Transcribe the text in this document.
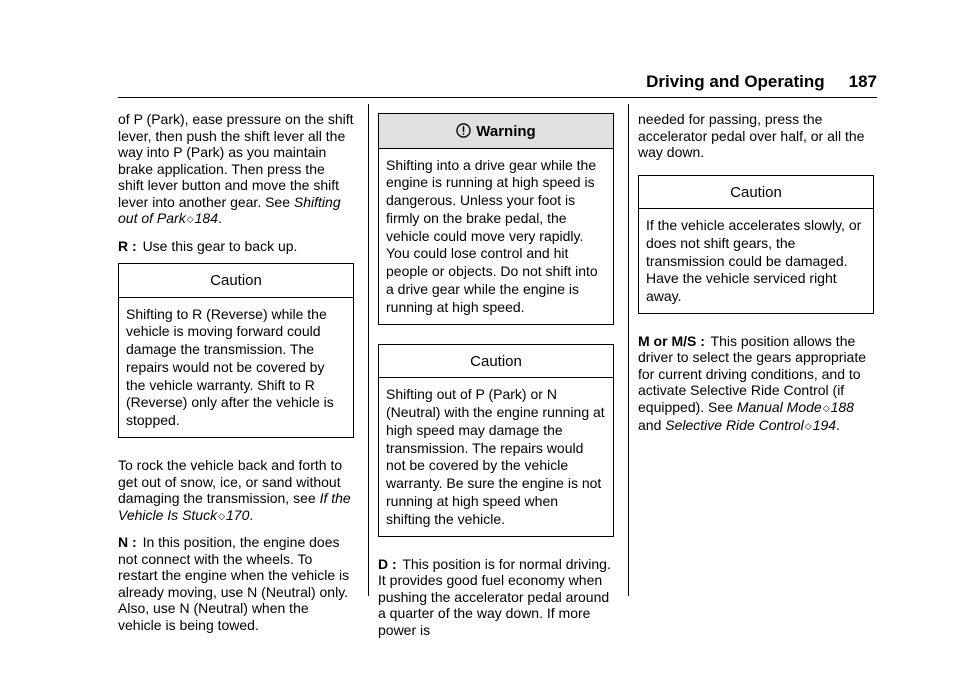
Driving and Operating 187

of P (Park), ease pressure on the shift lever, then push the shift lever all the way into P (Park) as you maintain brake application. Then press the shift lever button and move the shift lever into another gear. See Shifting out of Park◇184.

R : Use this gear to back up.

Caution
Shifting to R (Reverse) while the vehicle is moving forward could damage the transmission. The repairs would not be covered by the vehicle warranty. Shift to R (Reverse) only after the vehicle is stopped.

To rock the vehicle back and forth to get out of snow, ice, or sand without damaging the transmission, see If the Vehicle Is Stuck◇170.

N : In this position, the engine does not connect with the wheels. To restart the engine when the vehicle is already moving, use N (Neutral) only. Also, use N (Neutral) when the vehicle is being towed.

Warning
Shifting into a drive gear while the engine is running at high speed is dangerous. Unless your foot is firmly on the brake pedal, the vehicle could move very rapidly. You could lose control and hit people or objects. Do not shift into a drive gear while the engine is running at high speed.
Caution
Shifting out of P (Park) or N (Neutral) with the engine running at high speed may damage the transmission. The repairs would not be covered by the vehicle warranty. Be sure the engine is not running at high speed when shifting the vehicle.

D : This position is for normal driving. It provides good fuel economy when pushing the accelerator pedal around a quarter of the way down. If more power is

needed for passing, press the accelerator pedal over half, or all the way down.

Caution
If the vehicle accelerates slowly, or does not shift gears, the transmission could be damaged. Have the vehicle serviced right away.

M or M/S : This position allows the driver to select the gears appropriate for current driving conditions, and to activate Selective Ride Control (if equipped). See Manual Mode◇188 and Selective Ride Control◇194.
